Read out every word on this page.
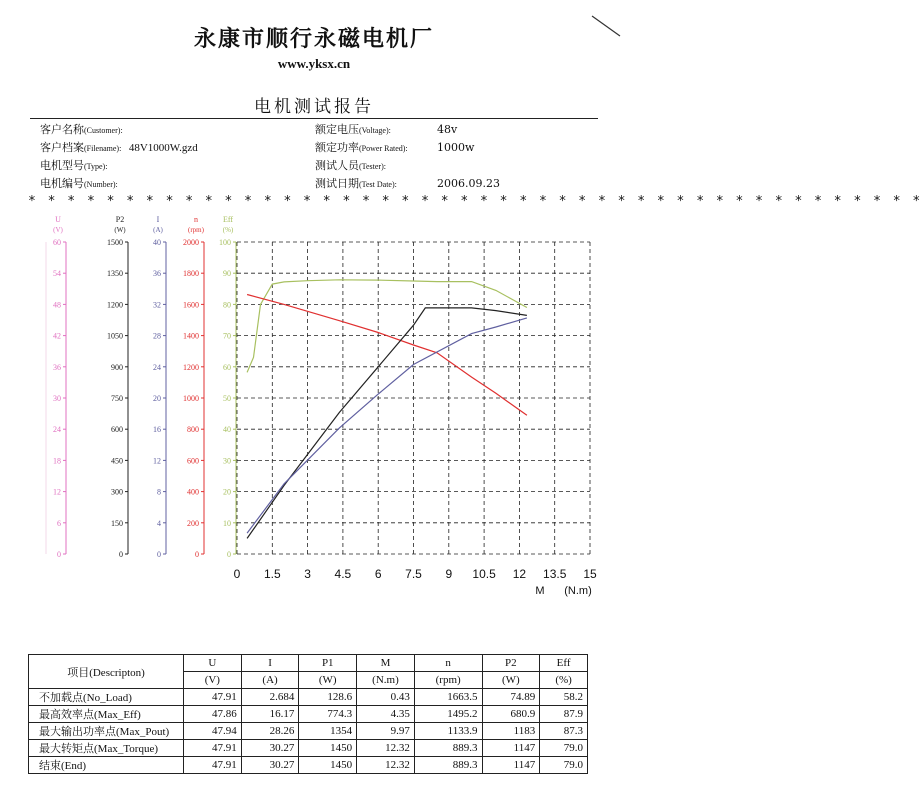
永康市顺行永磁电机厂
www.yksx.cn
电机测试报告
客户名称(Customer):
客户档案(Filename): 48V1000W.gzd
电机型号(Type):
电机编号(Number):
额定电压(Voltage):	48v
额定功率(Power Rated):	1000w
测试人员(Tester):
测试日期(Test Date):	2006.09.23
* * * * * * * * * * * * * * * * * * * * * * * * * * * * * * * * * * * * * * * * * * * * * *
U
(V)
0
6
12
18
24
30
36
42
48
54
60
P2
(W)
0
150
300
450
600
750
900
1050
1200
1350
1500
I
(A)
0
4
8
12
16
20
24
28
32
36
40
n
(rpm)
0
200
400
600
800
1000
1200
1400
1600
1800
2000
Eff
(%)
0
10
20
30
40
50
60
70
80
90
100
0 1.5 3 4.5 6 7.5 9 10.5 12 13.5 15
M (N.m)
项目(Descripton)	U	I	P1	M	n	P2	Eff
	(V)	(A)	(W)	(N.m)	(rpm)	(W)	(%)
不加载点(No_Load)	47.91	2.684	128.6	0.43	1663.5	74.89	58.2
最高效率点(Max_Eff)	47.86	16.17	774.3	4.35	1495.2	680.9	87.9
最大输出功率点(Max_Pout)	47.94	28.26	1354	9.97	1133.9	1183	87.3
最大转矩点(Max_Torque)	47.91	30.27	1450	12.32	889.3	1147	79.0
结束(End)	47.91	30.27	1450	12.32	889.3	1147	79.0
